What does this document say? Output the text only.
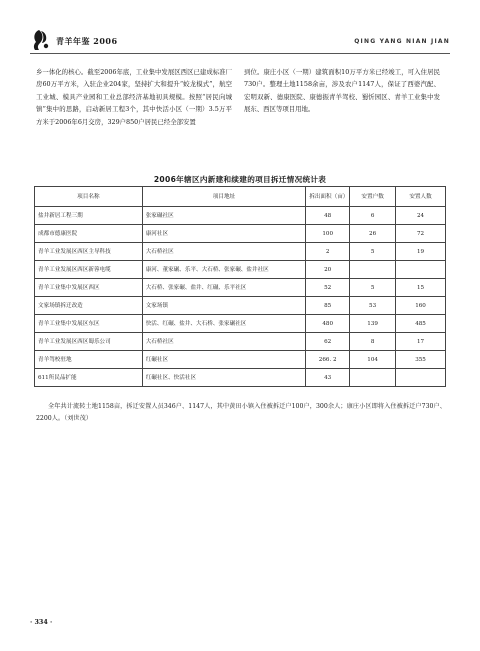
青羊年鉴 2006	QING YANG NIAN JIAN

乡一体化的核心。截至2006年底，工业集中发展区西区已建成标准厂房60万平方米，入驻企业204家，坚持扩大和提升“蛟龙模式”，航空工业城、模具产业园和工业总部经济基地初具规模。按照“居民向城镇”集中的思路，启动新居工程3个，其中快活小区（一期）3.5万平方米于2006年6月交房，329户850户居民已经全部安置

到位。康庄小区（一期）建筑面积10万平方米已经竣工，可入住居民730户。整理土地1158余亩，涉及农户1147人，保证了西婆汽配、宏明双新、德康医院、康德振青羊驾校、蜀忻园区、青羊工业集中发展东、西区等项目用地。

2006年辖区内新建和续建的项目拆迁情况统计表
项目名称	项目地址	拆出面积（亩）	安置户数	安置人数
盐井新居工程三期	张家碾社区	48	6	24
成都市德康医院	康河社区	100	26	72
青羊工业发展区西区主导科技	大石桥社区	2	5	19
青羊工业发展区西区新蓉电缆	康河、董家碾、乐平、大石桥、张家碾、盐井社区	20		
青羊工业集中发展区西区	大石桥、张家碾、盐井、红碾、乐平社区	52	5	15
文家场镇拆迁改造	文家场镇	85	53	160
青羊工业集中发展区东区	快活、红碾、盐井、大石桥、张家碾社区	480	139	485
青羊工业发展区西区蜀乐公司	大石桥社区	62	8	17
青羊驾校驻地	红碾社区	266. 2	104	355
611所民品扩能	红碾社区、快活社区	43		

全年共计流转土地1158亩，拆迁安置人员346户、1147人，其中黄田小镇入住被拆迁户100户，300余人；康庄小区即将入住被拆迁户730户、2200人。（刘世茂）

· 334 ·
